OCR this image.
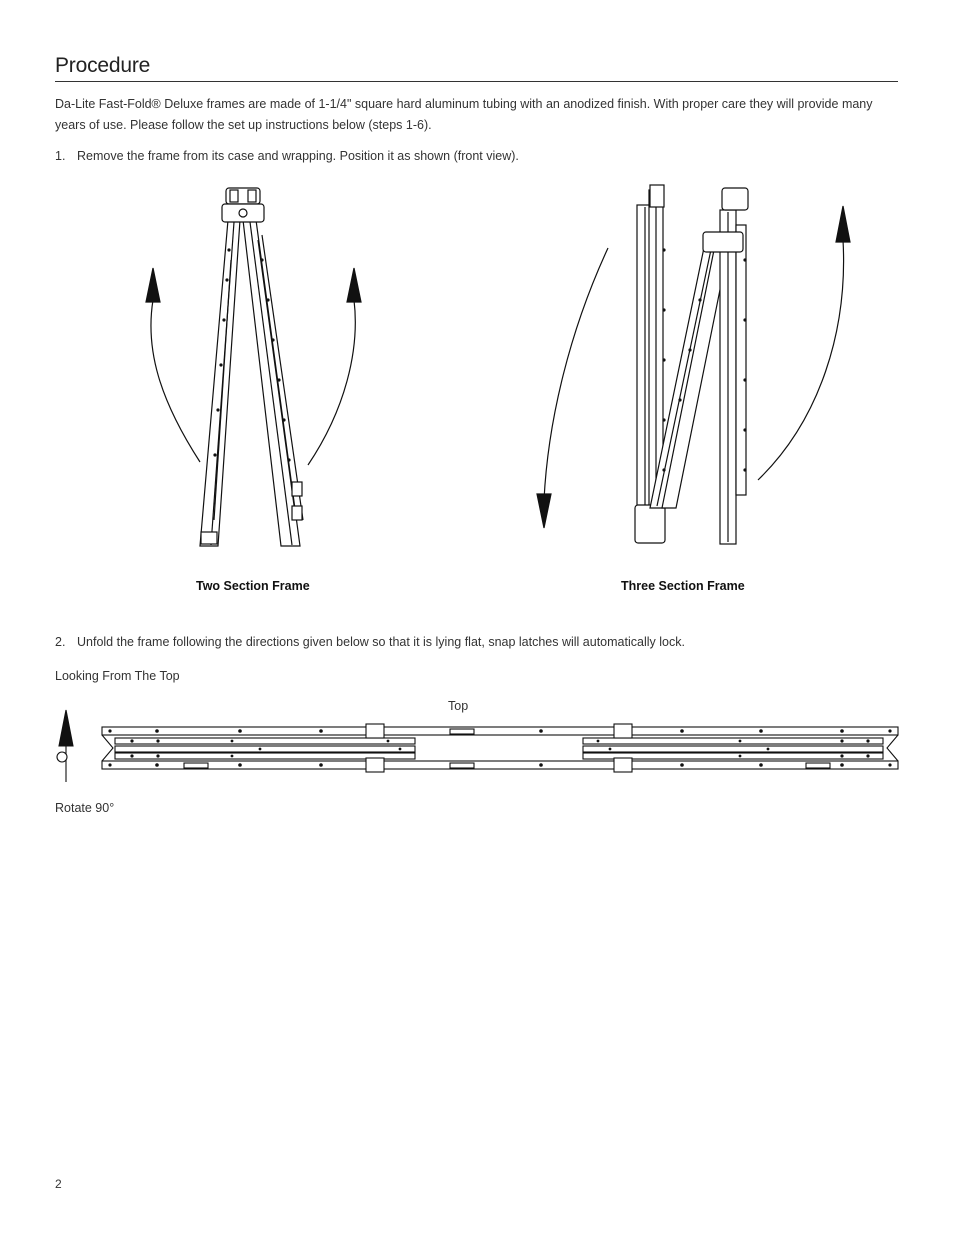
Procedure
Da-Lite Fast-Fold® Deluxe frames are made of 1-1/4" square hard aluminum tubing with an anodized finish. With proper care they will provide many years of use. Please follow the set up instructions below (steps 1-6).
1. Remove the frame from its case and wrapping. Position it as shown (front view).
Two Section Frame	Three Section Frame
2. Unfold the frame following the directions given below so that it is lying flat, snap latches will automatically lock.
Looking From The Top
Top
Rotate 90°
2
